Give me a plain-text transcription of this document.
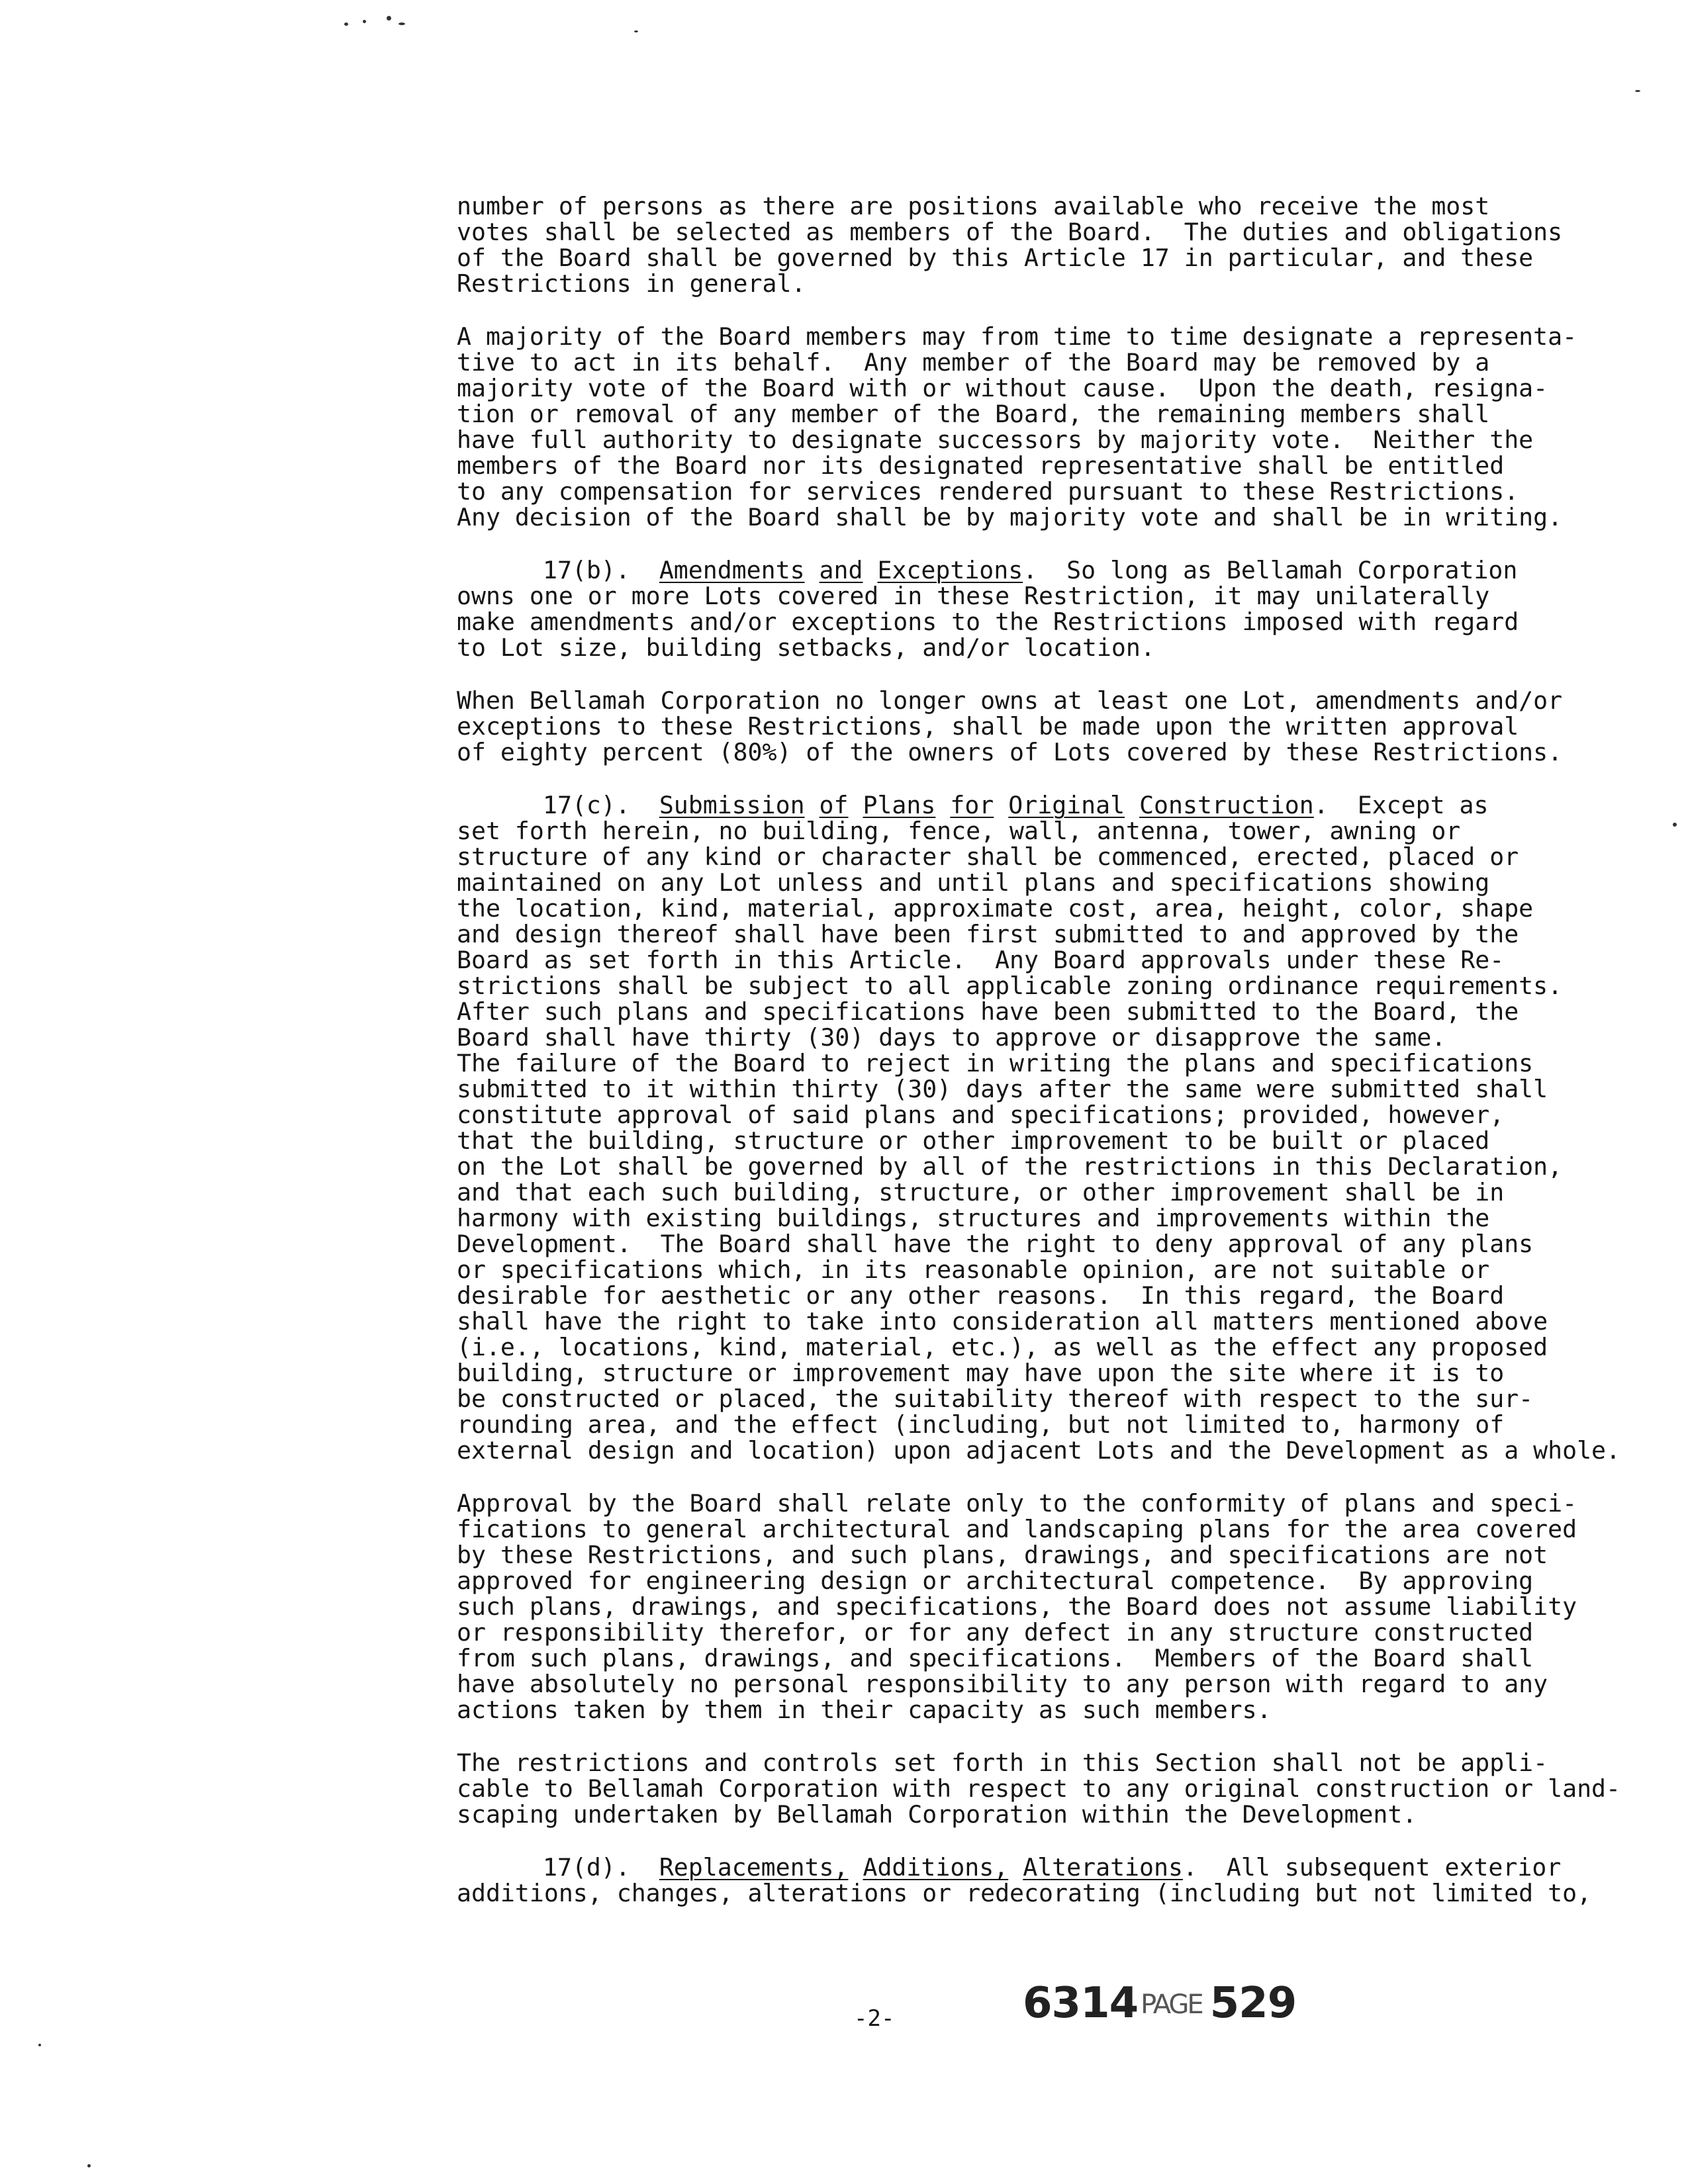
number of persons as there are positions available who receive the most
votes shall be selected as members of the Board.  The duties and obligations
of the Board shall be governed by this Article 17 in particular, and these
Restrictions in general.
A majority of the Board members may from time to time designate a representa-
tive to act in its behalf.  Any member of the Board may be removed by a
majority vote of the Board with or without cause.  Upon the death, resigna-
tion or removal of any member of the Board, the remaining members shall
have full authority to designate successors by majority vote.  Neither the
members of the Board nor its designated representative shall be entitled
to any compensation for services rendered pursuant to these Restrictions.
Any decision of the Board shall be by majority vote and shall be in writing.
17(b). Amendments and Exceptions.  So long as Bellamah Corporation
owns one or more Lots covered in these Restriction, it may unilaterally
make amendments and/or exceptions to the Restrictions imposed with regard
to Lot size, building setbacks, and/or location.
When Bellamah Corporation no longer owns at least one Lot, amendments and/or
exceptions to these Restrictions, shall be made upon the written approval
of eighty percent (80%) of the owners of Lots covered by these Restrictions.
17(c). Submission of Plans for Original Construction.  Except as
set forth herein, no building, fence, wall, antenna, tower, awning or
structure of any kind or character shall be commenced, erected, placed or
maintained on any Lot unless and until plans and specifications showing
the location, kind, material, approximate cost, area, height, color, shape
and design thereof shall have been first submitted to and approved by the
Board as set forth in this Article.  Any Board approvals under these Re-
strictions shall be subject to all applicable zoning ordinance requirements.
After such plans and specifications have been submitted to the Board, the
Board shall have thirty (30) days to approve or disapprove the same.
The failure of the Board to reject in writing the plans and specifications
submitted to it within thirty (30) days after the same were submitted shall
constitute approval of said plans and specifications; provided, however,
that the building, structure or other improvement to be built or placed
on the Lot shall be governed by all of the restrictions in this Declaration,
and that each such building, structure, or other improvement shall be in
harmony with existing buildings, structures and improvements within the
Development.  The Board shall have the right to deny approval of any plans
or specifications which, in its reasonable opinion, are not suitable or
desirable for aesthetic or any other reasons.  In this regard, the Board
shall have the right to take into consideration all matters mentioned above
(i.e., locations, kind, material, etc.), as well as the effect any proposed
building, structure or improvement may have upon the site where it is to
be constructed or placed, the suitability thereof with respect to the sur-
rounding area, and the effect (including, but not limited to, harmony of
external design and location) upon adjacent Lots and the Development as a whole.
Approval by the Board shall relate only to the conformity of plans and speci-
fications to general architectural and landscaping plans for the area covered
by these Restrictions, and such plans, drawings, and specifications are not
approved for engineering design or architectural competence.  By approving
such plans, drawings, and specifications, the Board does not assume liability
or responsibility therefor, or for any defect in any structure constructed
from such plans, drawings, and specifications.  Members of the Board shall
have absolutely no personal responsibility to any person with regard to any
actions taken by them in their capacity as such members.
The restrictions and controls set forth in this Section shall not be appli-
cable to Bellamah Corporation with respect to any original construction or land-
scaping undertaken by Bellamah Corporation within the Development.
17(d). Replacements, Additions, Alterations.  All subsequent exterior
additions, changes, alterations or redecorating (including but not limited to,
-2-	6314 PAGE 529
